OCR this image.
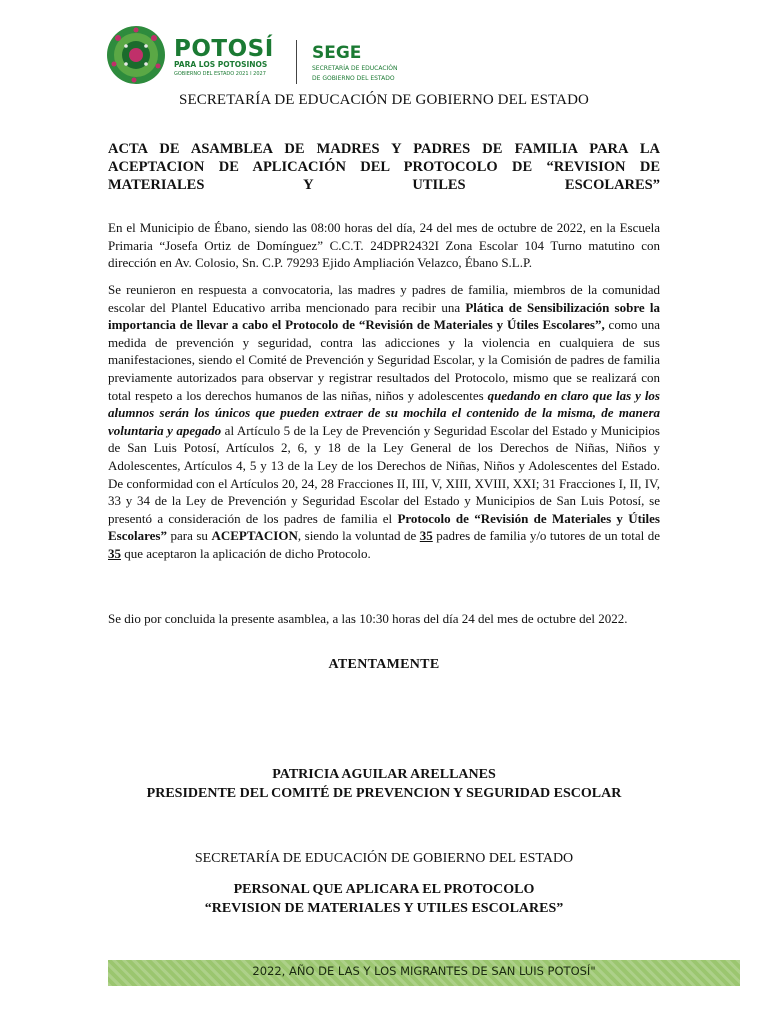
POTOSÍ
PARA LOS POTOSINOS
GOBIERNO DEL ESTADO 2021 I 2027
SEGE
SECRETARÍA DE EDUCACIÓN
DE GOBIERNO DEL ESTADO
SECRETARÍA DE EDUCACIÓN DE GOBIERNO DEL ESTADO
ACTA DE ASAMBLEA DE MADRES Y PADRES DE FAMILIA PARA LA ACEPTACION DE APLICACIÓN DEL PROTOCOLO DE “REVISION DE MATERIALES Y UTILES ESCOLARES”
En el Municipio de Ébano, siendo las 08:00 horas del día, 24 del mes de octubre de 2022, en la Escuela Primaria “Josefa Ortiz de Domínguez” C.C.T. 24DPR2432I Zona Escolar 104 Turno matutino con dirección en Av. Colosio, Sn. C.P. 79293 Ejido Ampliación Velazco, Ébano S.L.P.
Se reunieron en respuesta a convocatoria, las madres y padres de familia, miembros de la comunidad escolar del Plantel Educativo arriba mencionado para recibir una Plática de Sensibilización sobre la importancia de llevar a cabo el Protocolo de “Revisión de Materiales y Útiles Escolares”, como una medida de prevención y seguridad, contra las adicciones y la violencia en cualquiera de sus manifestaciones, siendo el Comité de Prevención y Seguridad Escolar, y la Comisión de padres de familia previamente autorizados para observar y registrar resultados del Protocolo, mismo que se realizará con total respeto a los derechos humanos de las niñas, niños y adolescentes quedando en claro que las y los alumnos serán los únicos que pueden extraer de su mochila el contenido de la misma, de manera voluntaria y apegado al Artículo 5 de la Ley de Prevención y Seguridad Escolar del Estado y Municipios de San Luis Potosí, Artículos 2, 6, y 18 de la Ley General de los Derechos de Niñas, Niños y Adolescentes, Artículos 4, 5 y 13 de la Ley de los Derechos de Niñas, Niños y Adolescentes del Estado. De conformidad con el Artículos 20, 24, 28 Fracciones II, III, V, XIII, XVIII, XXI; 31 Fracciones I, II, IV, 33 y 34 de la Ley de Prevención y Seguridad Escolar del Estado y Municipios de San Luis Potosí, se presentó a consideración de los padres de familia el Protocolo de “Revisión de Materiales y Útiles Escolares” para su ACEPTACION, siendo la voluntad de 35 padres de familia y/o tutores de un total de 35 que aceptaron la aplicación de dicho Protocolo.
Se dio por concluida la presente asamblea, a las 10:30 horas del día 24 del mes de octubre del 2022.
ATENTAMENTE
PATRICIA AGUILAR ARELLANES
PRESIDENTE DEL COMITÉ DE PREVENCION Y SEGURIDAD ESCOLAR
SECRETARÍA DE EDUCACIÓN DE GOBIERNO DEL ESTADO
PERSONAL QUE APLICARA EL PROTOCOLO
“REVISION DE MATERIALES Y UTILES ESCOLARES”
2022, AÑO DE LAS Y LOS MIGRANTES DE SAN LUIS POTOSÍ"
